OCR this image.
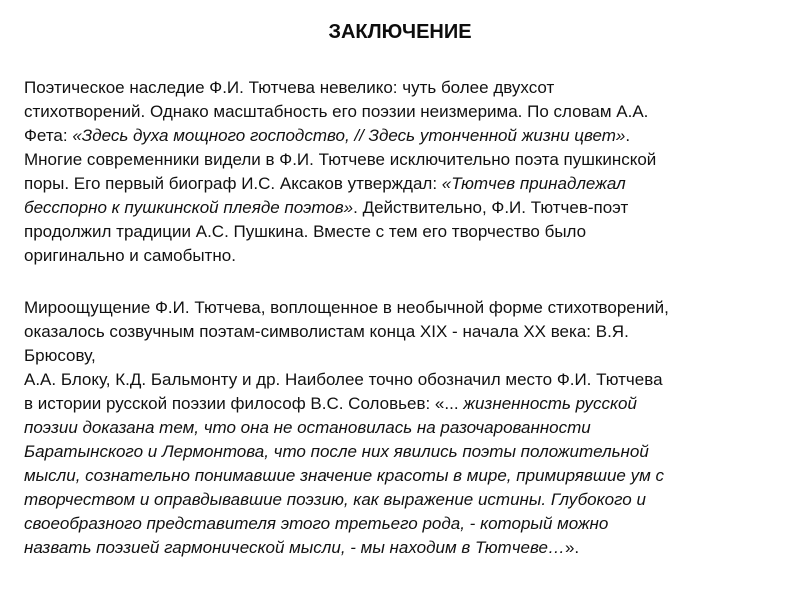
ЗАКЛЮЧЕНИЕ
Поэтическое наследие Ф.И. Тютчева невелико: чуть более двухсот
стихотворений. Однако масштабность его поэзии неизмерима. По словам А.А.
Фета: «Здесь духа мощного господство, // Здесь утонченной жизни цвет».
Многие современники видели в Ф.И. Тютчеве исключительно поэта пушкинской
поры. Его первый биограф И.С. Аксаков утверждал: «Тютчев принадлежал
бесспорно к пушкинской плеяде поэтов». Действительно, Ф.И. Тютчев-поэт
продолжил традиции А.С. Пушкина. Вместе с тем его творчество было
оригинально и самобытно.
Мироощущение Ф.И. Тютчева, воплощенное в необычной форме стихотворений,
оказалось созвучным поэтам-символистам конца XIX - начала XX века: В.Я.
Брюсову,
А.А. Блоку, К.Д. Бальмонту и др. Наиболее точно обозначил место Ф.И. Тютчева
в истории русской поэзии философ В.С. Соловьев: «... жизненность русской
поэзии доказана тем, что она не остановилась на разочарованности
Баратынского и Лермонтова, что после них явились поэты положительной
мысли, сознательно понимавшие значение красоты в мире, примирявшие ум с
творчеством и оправдывавшие поэзию, как выражение истины. Глубокого и
своеобразного представителя этого третьего рода, - который можно
назвать поэзией гармонической мысли, - мы находим в Тютчеве…».
